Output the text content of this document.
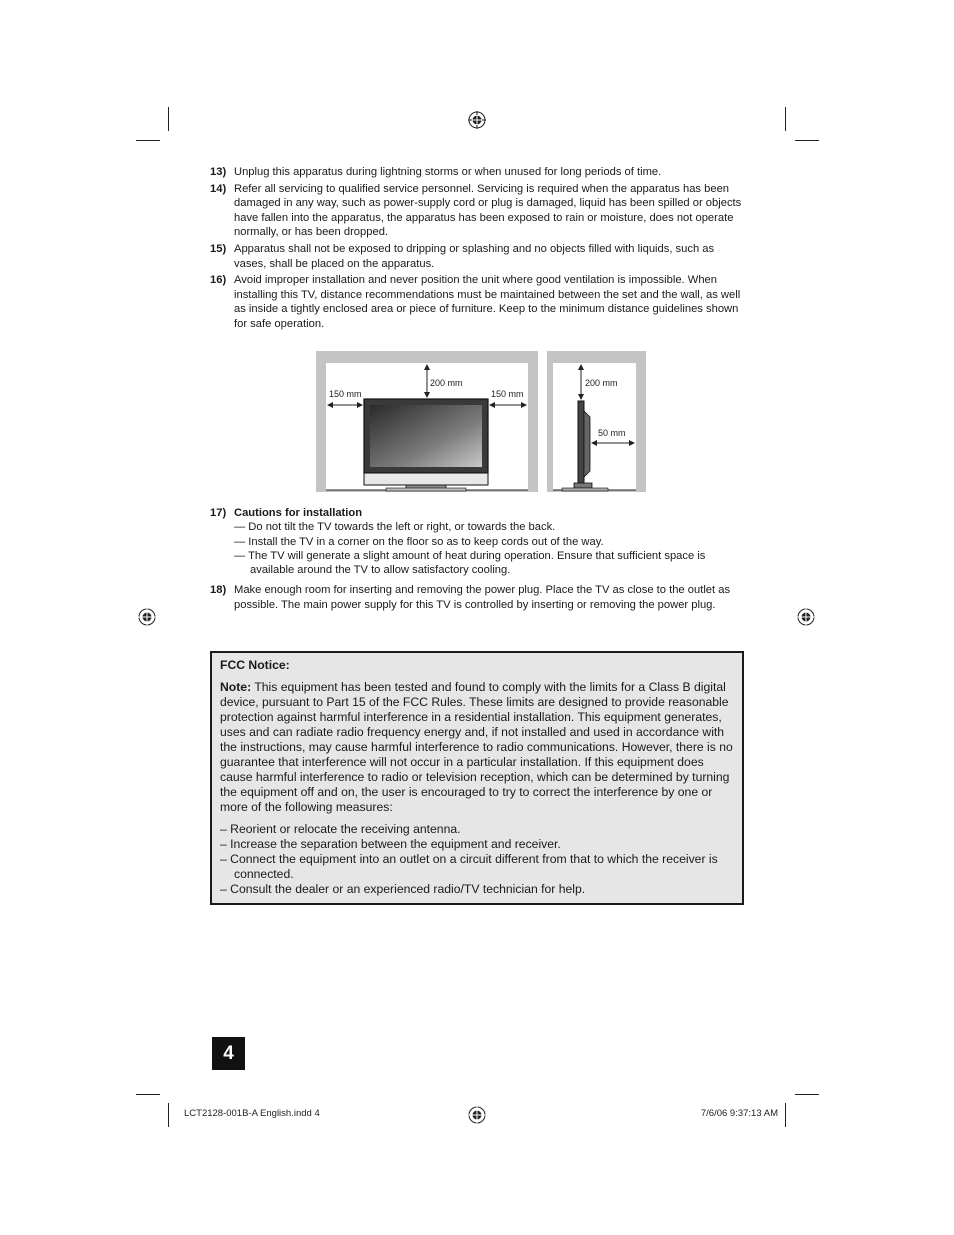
13) Unplug this apparatus during lightning storms or when unused for long periods of time.
14) Refer all servicing to qualified service personnel. Servicing is required when the apparatus has been damaged in any way, such as power-supply cord or plug is damaged, liquid has been spilled or objects have fallen into the apparatus, the apparatus has been exposed to rain or moisture, does not operate normally, or has been dropped.
15) Apparatus shall not be exposed to dripping or splashing and no objects filled with liquids, such as vases, shall be placed on the apparatus.
16) Avoid improper installation and never position the unit where good ventilation is impossible. When installing this TV, distance recommendations must be maintained between the set and the wall, as well as inside a tightly enclosed area or piece of furniture. Keep to the minimum distance guidelines shown for safe operation.
200 mm
150 mm	150 mm
200 mm
50 mm
17) Cautions for installation
— Do not tilt the TV towards the left or right, or towards the back.
— Install the TV in a corner on the floor so as to keep cords out of the way.
— The TV will generate a slight amount of heat during operation. Ensure that sufficient space is available around the TV to allow satisfactory cooling.
18) Make enough room for inserting and removing the power plug. Place the TV as close to the outlet as possible. The main power supply for this TV is controlled by inserting or removing the power plug.
FCC Notice:
Note: This equipment has been tested and found to comply with the limits for a Class B digital device, pursuant to Part 15 of the FCC Rules. These limits are designed to provide reasonable protection against harmful interference in a residential installation. This equipment generates, uses and can radiate radio frequency energy and, if not installed and used in accordance with the instructions, may cause harmful interference to radio communications. However, there is no guarantee that interference will not occur in a particular installation. If this equipment does cause harmful interference to radio or television reception, which can be determined by turning the equipment off and on, the user is encouraged to try to correct the interference by one or more of the following measures:
– Reorient or relocate the receiving antenna.
– Increase the separation between the equipment and receiver.
– Connect the equipment into an outlet on a circuit different from that to which the receiver is connected.
– Consult the dealer or an experienced radio/TV technician for help.
4
LCT2128-001B-A English.indd 4	7/6/06 9:37:13 AM
